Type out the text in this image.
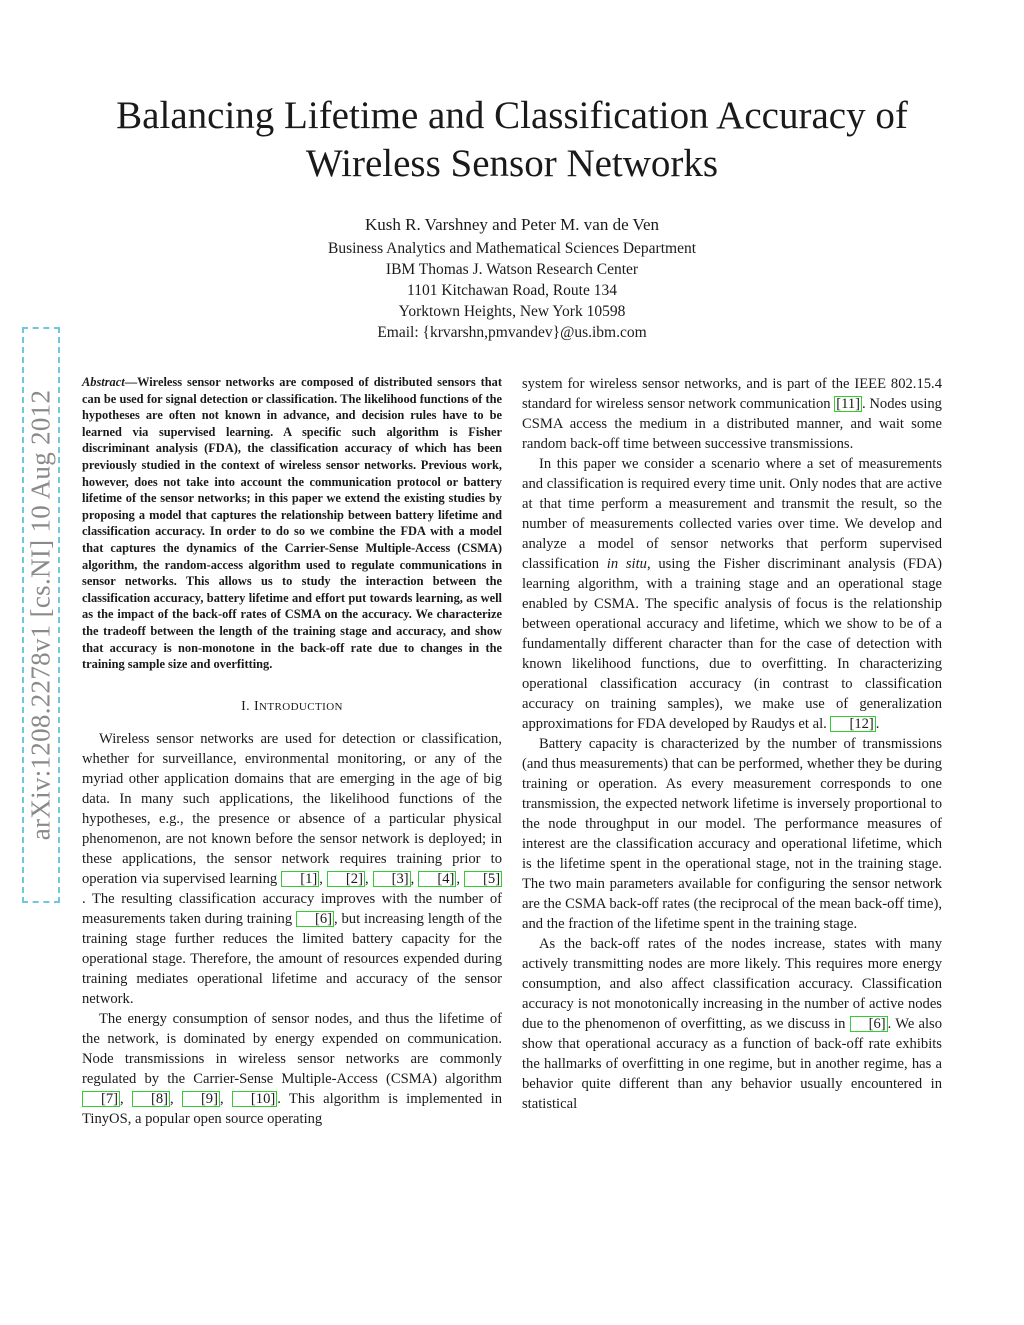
arXiv:1208.2278v1 [cs.NI] 10 Aug 2012
Balancing Lifetime and Classification Accuracy of
Wireless Sensor Networks
Kush R. Varshney and Peter M. van de Ven
Business Analytics and Mathematical Sciences Department
IBM Thomas J. Watson Research Center
1101 Kitchawan Road, Route 134
Yorktown Heights, New York 10598
Email: {krvarshn,pmvandev}@us.ibm.com

Abstract—Wireless sensor networks are composed of distributed sensors that can be used for signal detection or classification. The likelihood functions of the hypotheses are often not known in advance, and decision rules have to be learned via supervised learning. A specific such algorithm is Fisher discriminant analysis (FDA), the classification accuracy of which has been previously studied in the context of wireless sensor networks. Previous work, however, does not take into account the communication protocol or battery lifetime of the sensor networks; in this paper we extend the existing studies by proposing a model that captures the relationship between battery lifetime and classification accuracy. In order to do so we combine the FDA with a model that captures the dynamics of the Carrier-Sense Multiple-Access (CSMA) algorithm, the random-access algorithm used to regulate communications in sensor networks. This allows us to study the interaction between the classification accuracy, battery lifetime and effort put towards learning, as well as the impact of the back-off rates of CSMA on the accuracy. We characterize the tradeoff between the length of the training stage and accuracy, and show that accuracy is non-monotone in the back-off rate due to changes in the training sample size and overfitting.

I. INTRODUCTION

Wireless sensor networks are used for detection or classification, whether for surveillance, environmental monitoring, or any of the myriad other application domains that are emerging in the age of big data. In many such applications, the likelihood functions of the hypotheses, e.g., the presence or absence of a particular physical phenomenon, are not known before the sensor network is deployed; in these applications, the sensor network requires training prior to operation via supervised learning [1] , [2] , [3] , [4] , [5]. The resulting classification accuracy improves with the number of measurements taken during training [6] , but increasing length of the training stage further reduces the limited battery capacity for the operational stage. Therefore, the amount of resources expended during training mediates operational lifetime and accuracy of the sensor network.

The energy consumption of sensor nodes, and thus the lifetime of the network, is dominated by energy expended on communication. Node transmissions in wireless sensor networks are commonly regulated by the Carrier-Sense Multiple-Access (CSMA) algorithm [7] , [8] , [9] , [10] . This algorithm is implemented in TinyOS, a popular open source operating

system for wireless sensor networks, and is part of the IEEE 802.15.4 standard for wireless sensor network communication [11] . Nodes using CSMA access the medium in a distributed manner, and wait some random back-off time between successive transmissions.

In this paper we consider a scenario where a set of measurements and classification is required every time unit. Only nodes that are active at that time perform a measurement and transmit the result, so the number of measurements collected varies over time. We develop and analyze a model of sensor networks that perform supervised classification in situ, using the Fisher discriminant analysis (FDA) learning algorithm, with a training stage and an operational stage enabled by CSMA. The specific analysis of focus is the relationship between operational accuracy and lifetime, which we show to be of a fundamentally different character than for the case of detection with known likelihood functions, due to overfitting. In characterizing operational classification accuracy (in contrast to classification accuracy on training samples), we make use of generalization approximations for FDA developed by Raudys et al. [12] .

Battery capacity is characterized by the number of transmissions (and thus measurements) that can be performed, whether they be during training or operation. As every measurement corresponds to one transmission, the expected network lifetime is inversely proportional to the node throughput in our model. The performance measures of interest are the classification accuracy and operational lifetime, which is the lifetime spent in the operational stage, not in the training stage. The two main parameters available for configuring the sensor network are the CSMA back-off rates (the reciprocal of the mean back-off time), and the fraction of the lifetime spent in the training stage.

As the back-off rates of the nodes increase, states with many actively transmitting nodes are more likely. This requires more energy consumption, and also affect classification accuracy. Classification accuracy is not monotonically increasing in the number of active nodes due to the phenomenon of overfitting, as we discuss in [6] . We also show that operational accuracy as a function of back-off rate exhibits the hallmarks of overfitting in one regime, but in another regime, has a behavior quite different than any behavior usually encountered in statistical
